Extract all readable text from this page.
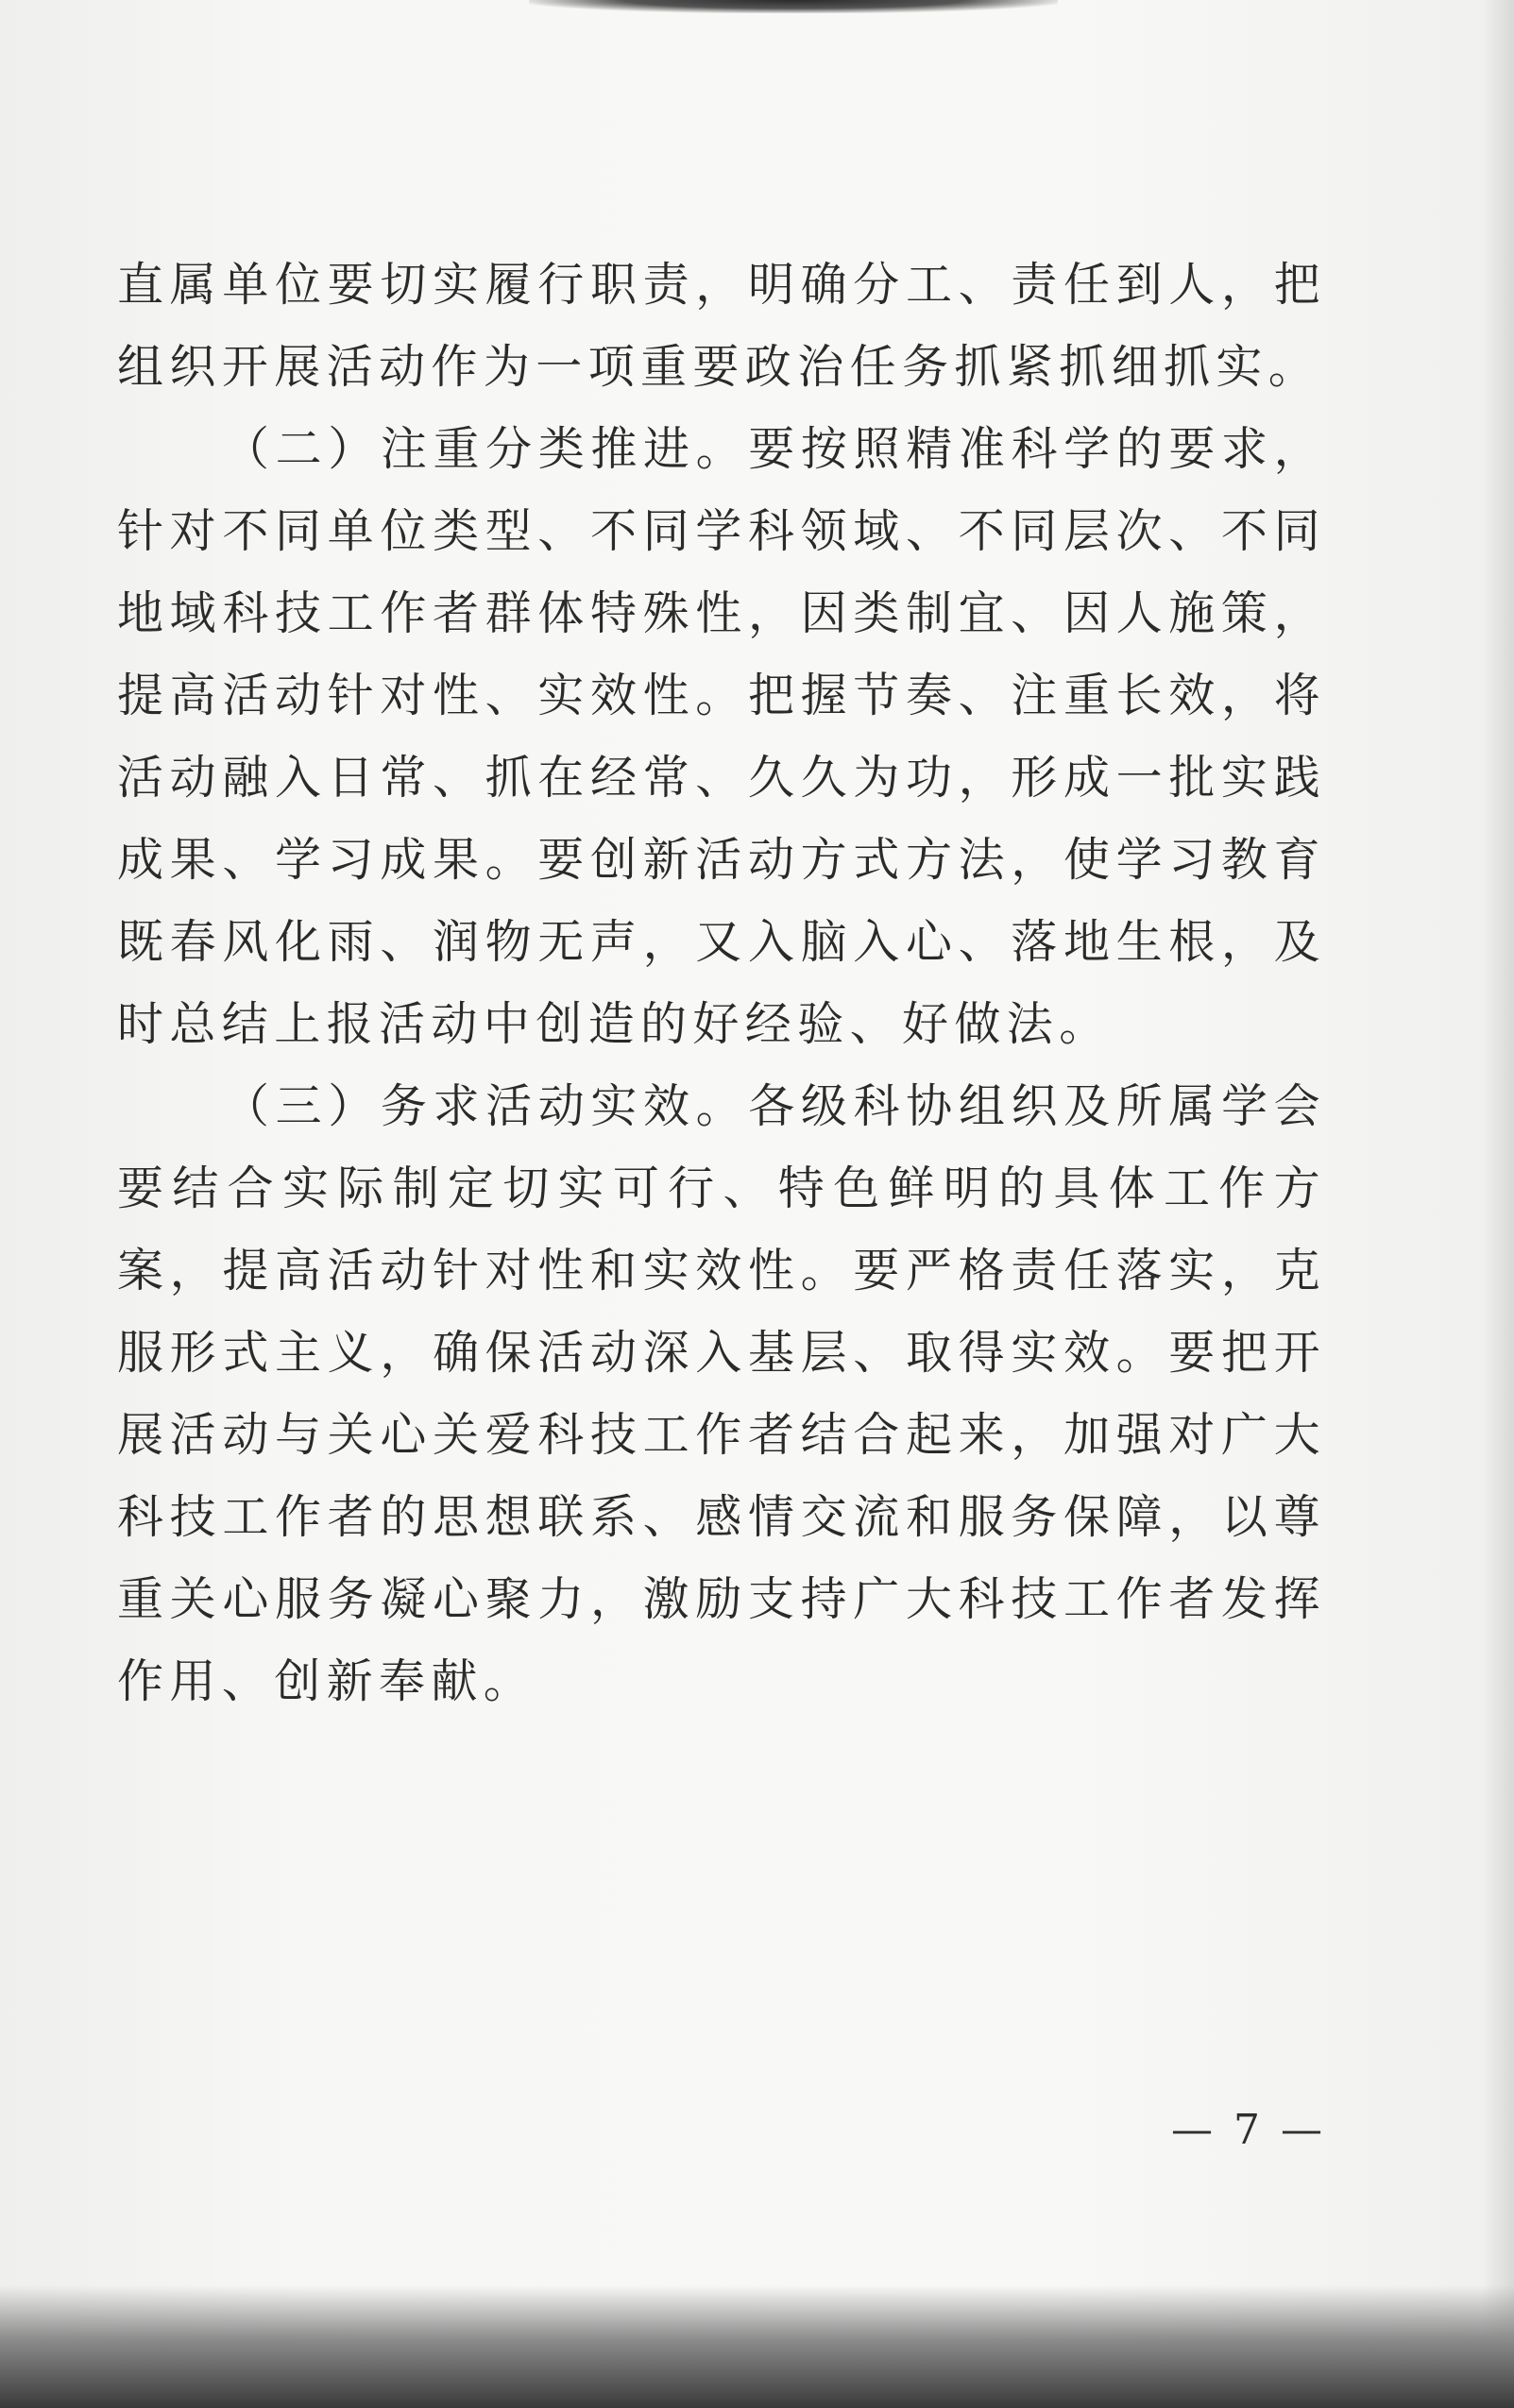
直属单位要切实履行职责，明确分工、责任到人，把组织开展活动作为一项重要政治任务抓紧抓细抓实。

（二）注重分类推进。要按照精准科学的要求，针对不同单位类型、不同学科领域、不同层次、不同地域科技工作者群体特殊性，因类制宜、因人施策，提高活动针对性、实效性。把握节奏、注重长效，将活动融入日常、抓在经常、久久为功，形成一批实践成果、学习成果。要创新活动方式方法，使学习教育既春风化雨、润物无声，又入脑入心、落地生根，及时总结上报活动中创造的好经验、好做法。

（三）务求活动实效。各级科协组织及所属学会要结合实际制定切实可行、特色鲜明的具体工作方案，提高活动针对性和实效性。要严格责任落实，克服形式主义，确保活动深入基层、取得实效。要把开展活动与关心关爱科技工作者结合起来，加强对广大科技工作者的思想联系、感情交流和服务保障，以尊重关心服务凝心聚力，激励支持广大科技工作者发挥作用、创新奉献。

— 7 —
